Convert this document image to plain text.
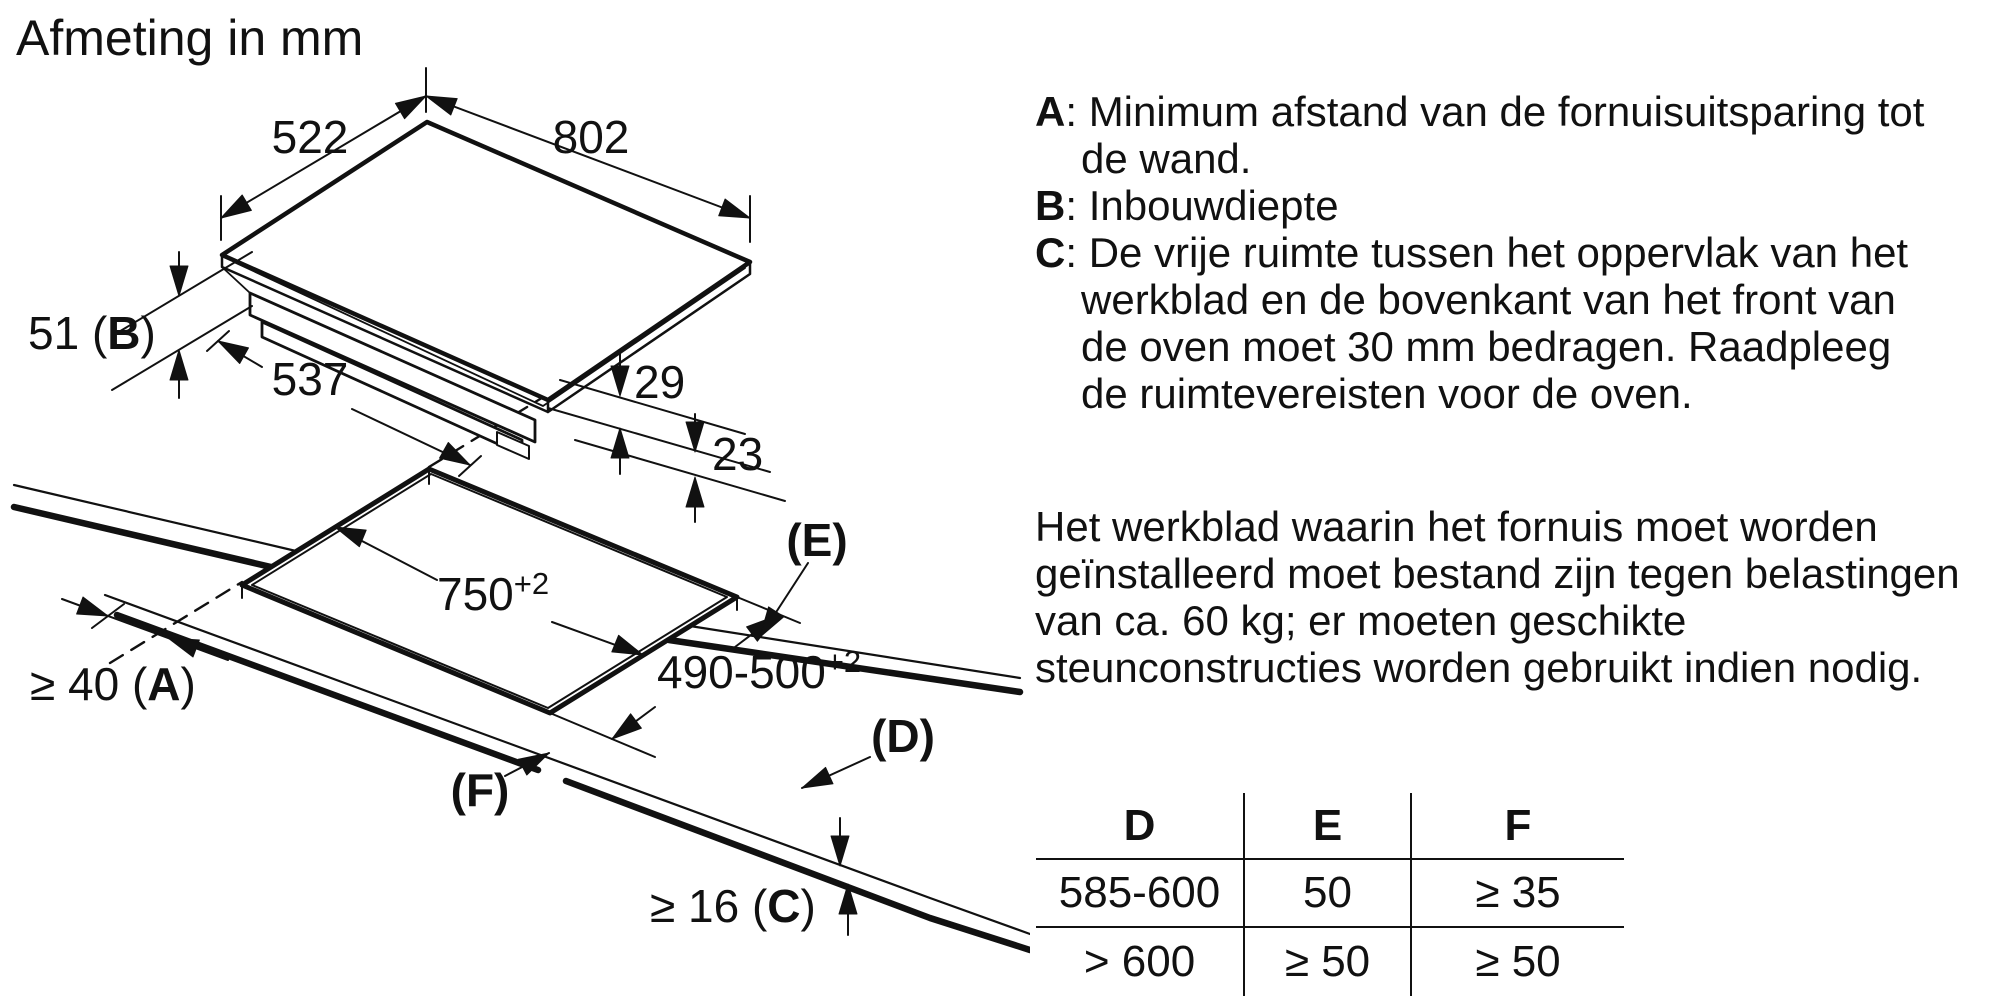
Afmeting in mm
522	802
51 (B)
537	29
23
$750^{+2}$
$490-500^{+2}$
≥ 40 (A)
(E)
(D)
(F)
≥ 16 (C)
A: Minimum afstand van de fornuisuitsparing tot de wand.
B: Inbouwdiepte
C: De vrije ruimte tussen het oppervlak van het werkblad en de bovenkant van het front van de oven moet 30 mm bedragen. Raadpleeg de ruimtevereisten voor de oven.
Het werkblad waarin het fornuis moet worden geïnstalleerd moet bestand zijn tegen belastingen van ca. 60 kg; er moeten geschikte steunconstructies worden gebruikt indien nodig.
D	E	F
585-600	50	≥ 35
> 600	≥ 50	≥ 50
